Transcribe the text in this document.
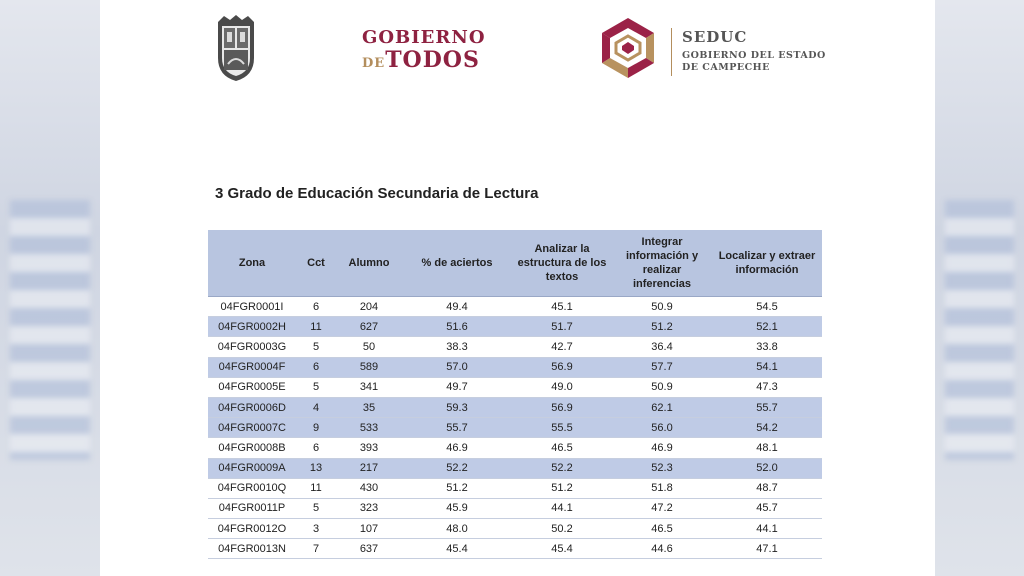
GOBIERNO
DETODOS
SEDUC
GOBIERNO DEL ESTADO
DE CAMPECHE
3 Grado de Educación Secundaria de Lectura
Zona	Cct	Alumno	% de aciertos	Analizar la estructura de los textos	Integrar información y realizar inferencias	Localizar y extraer información
04FGR0001I	6	204	49.4	45.1	50.9	54.5
04FGR0002H	11	627	51.6	51.7	51.2	52.1
04FGR0003G	5	50	38.3	42.7	36.4	33.8
04FGR0004F	6	589	57.0	56.9	57.7	54.1
04FGR0005E	5	341	49.7	49.0	50.9	47.3
04FGR0006D	4	35	59.3	56.9	62.1	55.7
04FGR0007C	9	533	55.7	55.5	56.0	54.2
04FGR0008B	6	393	46.9	46.5	46.9	48.1
04FGR0009A	13	217	52.2	52.2	52.3	52.0
04FGR0010Q	11	430	51.2	51.2	51.8	48.7
04FGR0011P	5	323	45.9	44.1	47.2	45.7
04FGR0012O	3	107	48.0	50.2	46.5	44.1
04FGR0013N	7	637	45.4	45.4	44.6	47.1
